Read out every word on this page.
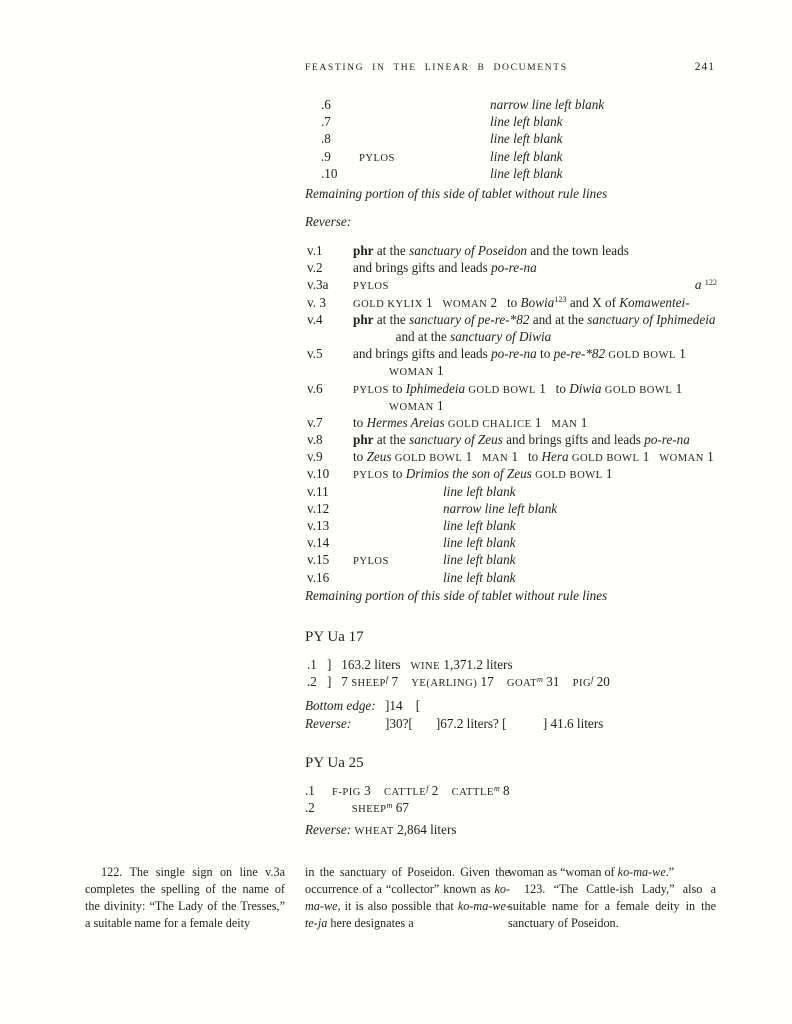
FEASTING IN THE LINEAR B DOCUMENTS	241
.6	narrow line left blank
.7	line left blank
.8	line left blank
.9	PYLOS	line left blank
.10	line left blank
Remaining portion of this side of tablet without rule lines
Reverse:
v.1	phr at the sanctuary of Poseidon and the town leads
v.2	and brings gifts and leads po-re-na
v.3a	PYLOS	a $^{122}$
v. 3	GOLD KYLIX 1   WOMAN 2   to Bowia$^{123}$ and X of Komawentei-
v.4	phr at the sanctuary of pe-re-*82 and at the sanctuary of Iphimedeia
and at the sanctuary of Diwia
v.5	and brings gifts and leads po-re-na to pe-re-*82 GOLD BOWL 1
WOMAN 1
v.6	PYLOS to Iphimedeia GOLD BOWL 1   to Diwia GOLD BOWL 1
WOMAN 1
v.7	to Hermes Areias GOLD CHALICE 1   MAN 1
v.8	phr at the sanctuary of Zeus and brings gifts and leads po-re-na
v.9	to Zeus GOLD BOWL 1   MAN 1   to Hera GOLD BOWL 1   WOMAN 1
v.10	PYLOS to Drimios the son of Zeus GOLD BOWL 1
v.11	line left blank
v.12	narrow line left blank
v.13	line left blank
v.14	line left blank
v.15	PYLOS	line left blank
v.16	line left blank
Remaining portion of this side of tablet without rule lines
PY Ua 17
.1 ]   163.2 liters   WINE 1,371.2 liters
.2 ]   7 SHEEP$^f$ 7    YE(ARLING) 17    GOAT$^m$ 31    PIG$^f$ 20
Bottom edge: ]14    [
Reverse:	]30?[       ]67.2 liters? [           ] 41.6 liters
PY Ua 25
.1	F-PIG 3    CATTLE$^f$ 2    CATTLE$^m$ 8
.2	SHEEP$^m$ 67
Reverse: WHEAT 2,864 liters
122. The single sign on line v.3a completes the spelling of the name of the divinity: “The Lady of the Tresses,” a suitable name for a female deity
in the sanctuary of Poseidon. Given the occurrence of a “collector” known as ko-ma-we, it is also possible that ko-ma-we-te-ja here designates a
woman as “woman of ko-ma-we.”
123. “The Cattle-ish Lady,” also a suitable name for a female deity in the sanctuary of Poseidon.
